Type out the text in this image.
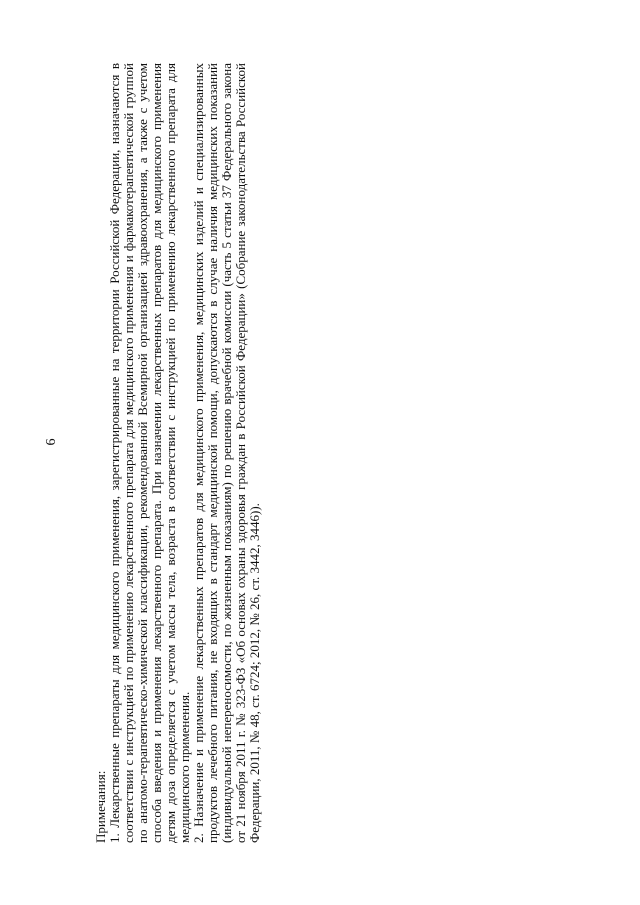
6

Примечания: 1. Лекарственные препараты для медицинского применения, зарегистрированные на территории Российской Федерации, назначаются в соответствии с инструкцией по применению лекарственного препарата для медицинского применения и фармакотерапевтической группой по анатомо-терапевтическо-химической классификации, рекомендованной Всемирной организацией здравоохранения, а также с учетом способа введения и применения лекарственного препарата. При назначении лекарственных препаратов для медицинского применения детям доза определяется с учетом массы тела, возраста в соответствии с инструкцией по применению лекарственного препарата для медицинского применения. 2. Назначение и применение лекарственных препаратов для медицинского применения, медицинских изделий и специализированных продуктов лечебного питания, не входящих в стандарт медицинской помощи, допускаются в случае наличия медицинских показаний (индивидуальной непереносимости, по жизненным показаниям) по решению врачебной комиссии (часть 5 статьи 37 Федерального закона от 21 ноября 2011 г. № 323-ФЗ «Об основах охраны здоровья граждан в Российской Федерации» (Собрание законодательства Российской Федерации, 2011, № 48, ст. 6724; 2012, № 26, ст. 3442, 3446)).
